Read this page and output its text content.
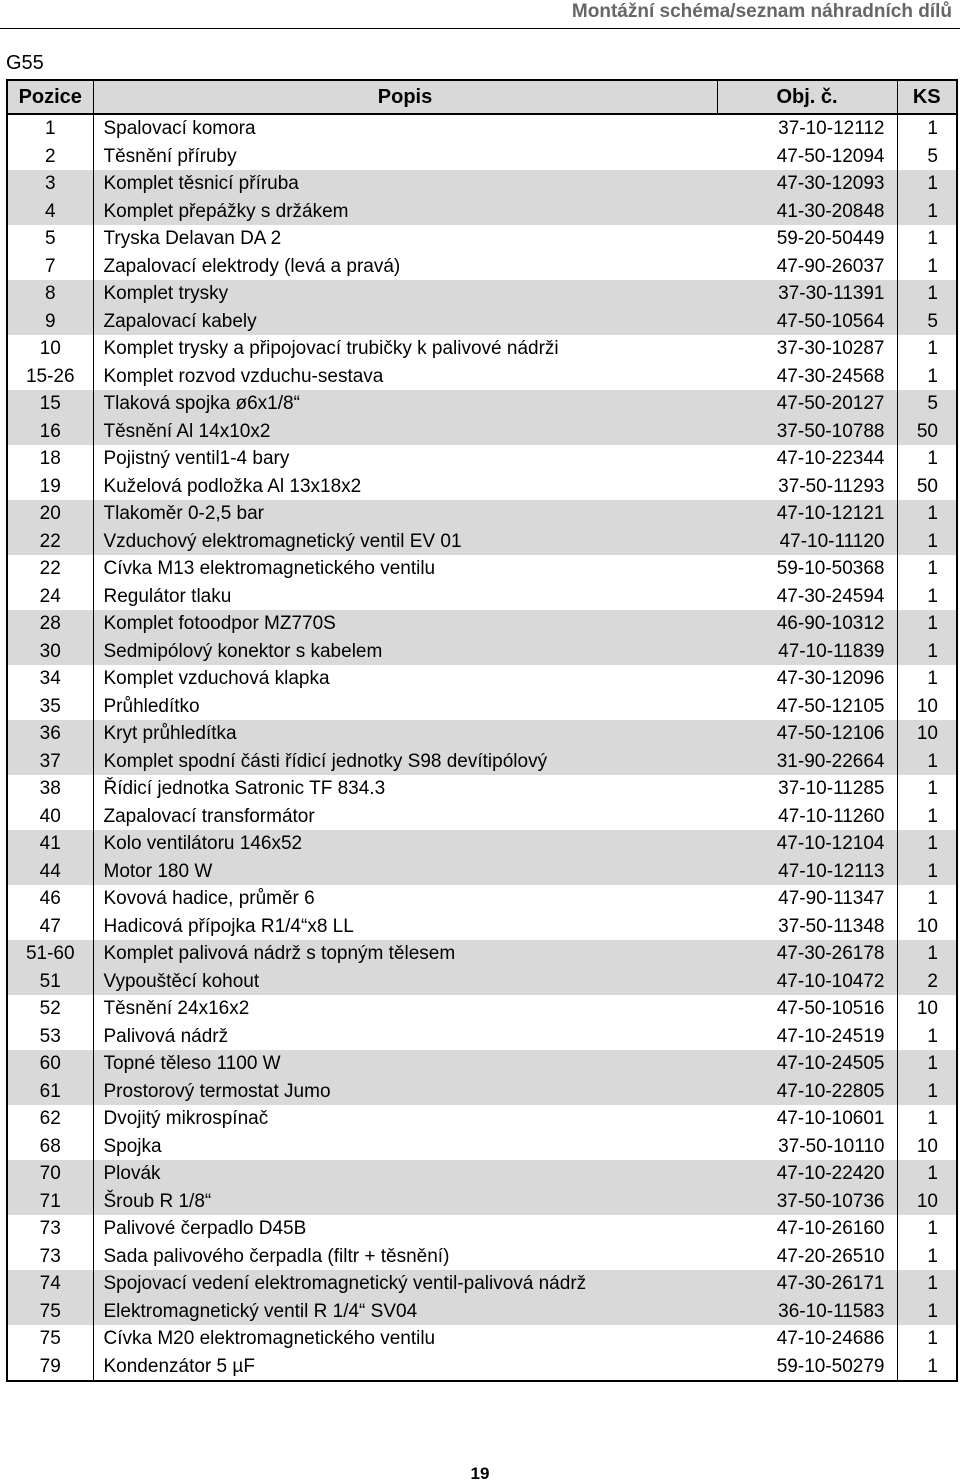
Montážní schéma/seznam náhradních dílů
G55
Pozice	Popis	Obj. č.	KS
1	Spalovací komora	37-10-12112	1
2	Těsnění příruby	47-50-12094	5
3	Komplet těsnicí příruba	47-30-12093	1
4	Komplet přepážky s držákem	41-30-20848	1
5	Tryska Delavan DA 2	59-20-50449	1
7	Zapalovací elektrody (levá a pravá)	47-90-26037	1
8	Komplet trysky	37-30-11391	1
9	Zapalovací kabely	47-50-10564	5
10	Komplet trysky a připojovací trubičky k palivové nádrži	37-30-10287	1
15-26	Komplet rozvod vzduchu-sestava	47-30-24568	1
15	Tlaková spojka ø6x1/8“	47-50-20127	5
16	Těsnění Al 14x10x2	37-50-10788	50
18	Pojistný ventil1-4 bary	47-10-22344	1
19	Kuželová podložka Al 13x18x2	37-50-11293	50
20	Tlakoměr 0-2,5 bar	47-10-12121	1
22	Vzduchový elektromagnetický ventil EV 01	47-10-11120	1
22	Cívka M13 elektromagnetického ventilu	59-10-50368	1
24	Regulátor tlaku	47-30-24594	1
28	Komplet fotoodpor MZ770S	46-90-10312	1
30	Sedmipólový konektor s kabelem	47-10-11839	1
34	Komplet vzduchová klapka	47-30-12096	1
35	Průhledítko	47-50-12105	10
36	Kryt průhledítka	47-50-12106	10
37	Komplet spodní části řídicí jednotky S98 devítipólový	31-90-22664	1
38	Řídicí jednotka Satronic TF 834.3	37-10-11285	1
40	Zapalovací transformátor	47-10-11260	1
41	Kolo ventilátoru 146x52	47-10-12104	1
44	Motor 180 W	47-10-12113	1
46	Kovová hadice, průměr 6	47-90-11347	1
47	Hadicová přípojka R1/4“x8 LL	37-50-11348	10
51-60	Komplet palivová nádrž s topným tělesem	47-30-26178	1
51	Vypouštěcí kohout	47-10-10472	2
52	Těsnění 24x16x2	47-50-10516	10
53	Palivová nádrž	47-10-24519	1
60	Topné těleso 1100 W	47-10-24505	1
61	Prostorový termostat Jumo	47-10-22805	1
62	Dvojitý mikrospínač	47-10-10601	1
68	Spojka	37-50-10110	10
70	Plovák	47-10-22420	1
71	Šroub R 1/8“	37-50-10736	10
73	Palivové čerpadlo D45B	47-10-26160	1
73	Sada palivového čerpadla (filtr + těsnění)	47-20-26510	1
74	Spojovací vedení elektromagnetický ventil-palivová nádrž	47-30-26171	1
75	Elektromagnetický ventil R 1/4“ SV04	36-10-11583	1
75	Cívka M20 elektromagnetického ventilu	47-10-24686	1
79	Kondenzátor 5 µF	59-10-50279	1
19
